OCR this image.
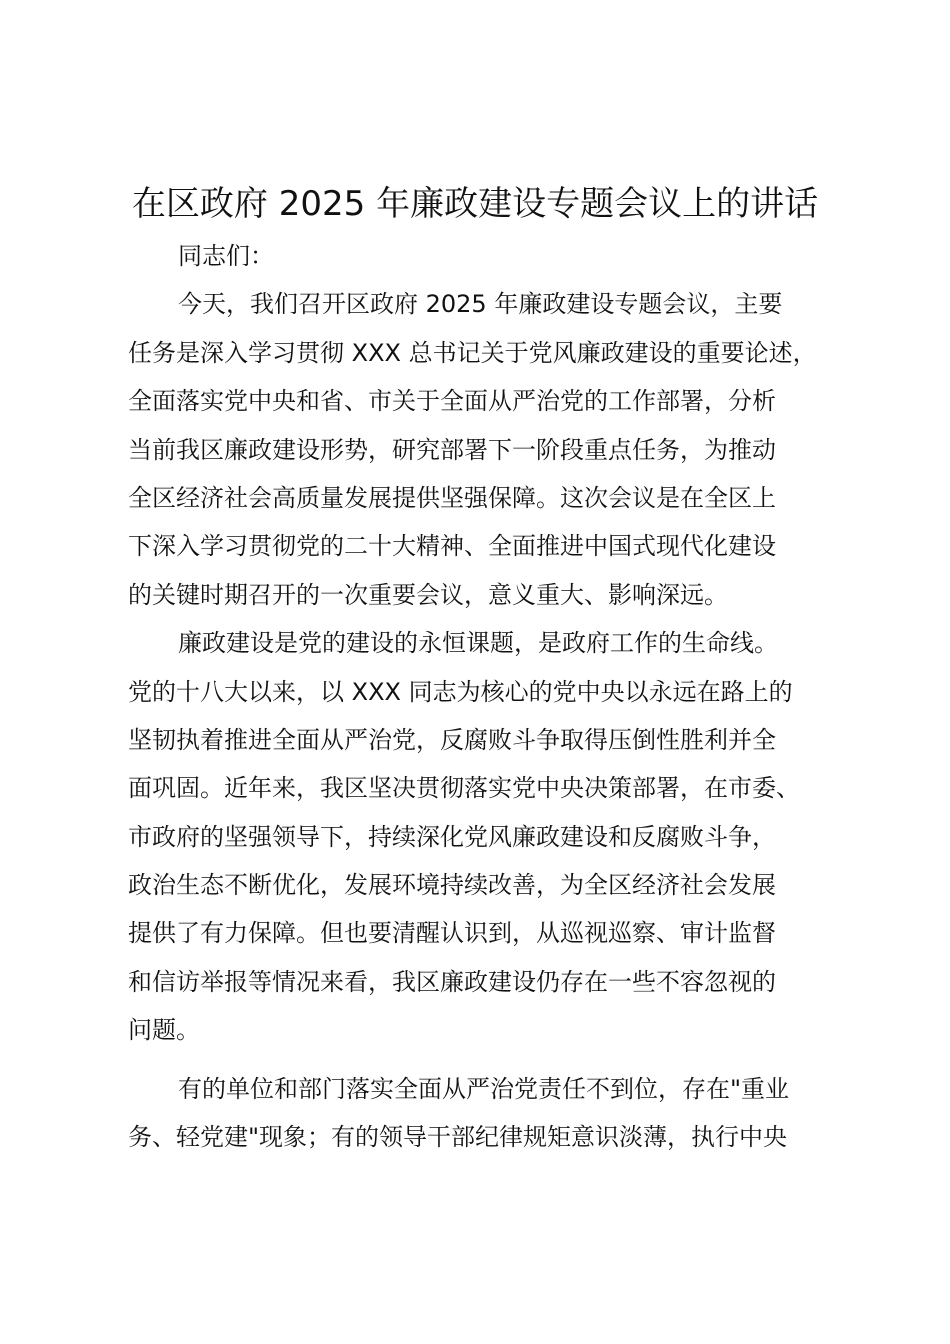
在区政府 2025 年廉政建设专题会议上的讲话
同志们：
今天，我们召开区政府 2025 年廉政建设专题会议，主要
任务是深入学习贯彻 XXX 总书记关于党风廉政建设的重要论述，
全面落实党中央和省、市关于全面从严治党的工作部署，分析
当前我区廉政建设形势，研究部署下一阶段重点任务，为推动
全区经济社会高质量发展提供坚强保障。这次会议是在全区上
下深入学习贯彻党的二十大精神、全面推进中国式现代化建设
的关键时期召开的一次重要会议，意义重大、影响深远。
廉政建设是党的建设的永恒课题，是政府工作的生命线。
党的十八大以来，以 XXX 同志为核心的党中央以永远在路上的
坚韧执着推进全面从严治党，反腐败斗争取得压倒性胜利并全
面巩固。近年来，我区坚决贯彻落实党中央决策部署，在市委、
市政府的坚强领导下，持续深化党风廉政建设和反腐败斗争，
政治生态不断优化，发展环境持续改善，为全区经济社会发展
提供了有力保障。但也要清醒认识到，从巡视巡察、审计监督
和信访举报等情况来看，我区廉政建设仍存在一些不容忽视的
问题。
有的单位和部门落实全面从严治党责任不到位，存在"重业
务、轻党建"现象；有的领导干部纪律规矩意识淡薄，执行中央
